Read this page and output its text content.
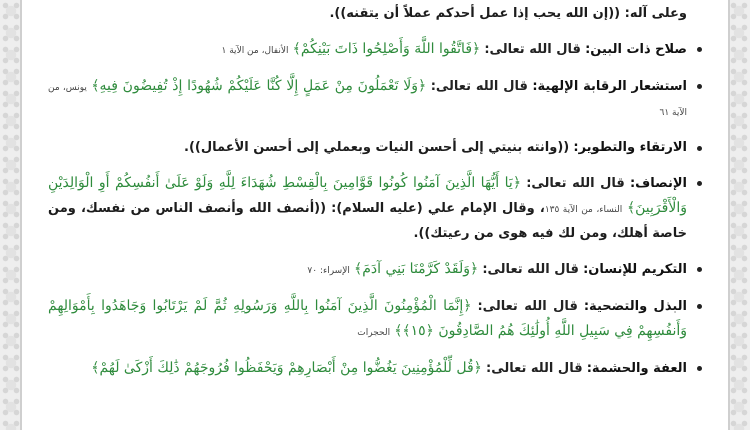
وعلى آله: ((إن الله يحب إذا عمل أحدكم عملاً أن يتقنه)).
صلاح ذات البين: قال الله تعالى: ﴿فَاتَّقُوا اللَّهَ وَأَصْلِحُوا ذَاتَ بَيْنِكُمْ﴾ الأنفال، من الآية ١
استشعار الرقابة الإلهية: قال الله تعالى: ﴿وَلَا تَعْمَلُونَ مِنْ عَمَلٍ إِلَّا كُنَّا عَلَيْكُمْ شُهُودًا إِذْ تُفِيضُونَ فِيهِ﴾ يونس، من الآية ٦١
الارتقاء والتطوير: ((وانته بنيتي إلى أحسن النيات وبعملي إلى أحسن الأعمال)).
الإنصاف: قال الله تعالى: ﴿يَا أَيُّهَا الَّذِينَ آمَنُوا كُونُوا قَوَّامِينَ بِالْقِسْطِ شُهَدَاءَ لِلَّهِ وَلَوْ عَلَىٰ أَنفُسِكُمْ أَوِ الْوَالِدَيْنِ وَالْأَقْرَبِينَ﴾ النساء، من الآية ١٣٥، وقال الإمام علي (عليه السلام): ((أنصف الله وأنصف الناس من نفسك، ومن خاصة أهلك، ومن لك فيه هوى من رعيتك)).
التكريم للإنسان: قال الله تعالى: ﴿وَلَقَدْ كَرَّمْنَا بَنِي آدَمَ﴾ الإسراء: ٧٠
البذل والتضحية: قال الله تعالى: ﴿إِنَّمَا الْمُؤْمِنُونَ الَّذِينَ آمَنُوا بِاللَّهِ وَرَسُولِهِ ثُمَّ لَمْ يَرْتَابُوا وَجَاهَدُوا بِأَمْوَالِهِمْ وَأَنفُسِهِمْ فِي سَبِيلِ اللَّهِ أُولَٰئِكَ هُمُ الصَّادِقُونَ ﴿١٥﴾﴾ الحجرات
العفة والحشمة: قال الله تعالى: ﴿قُل لِّلْمُؤْمِنِينَ يَغُضُّوا مِنْ أَبْصَارِهِمْ وَيَحْفَظُوا فُرُوجَهُمْ ذَٰلِكَ أَزْكَىٰ لَهُمْ﴾
